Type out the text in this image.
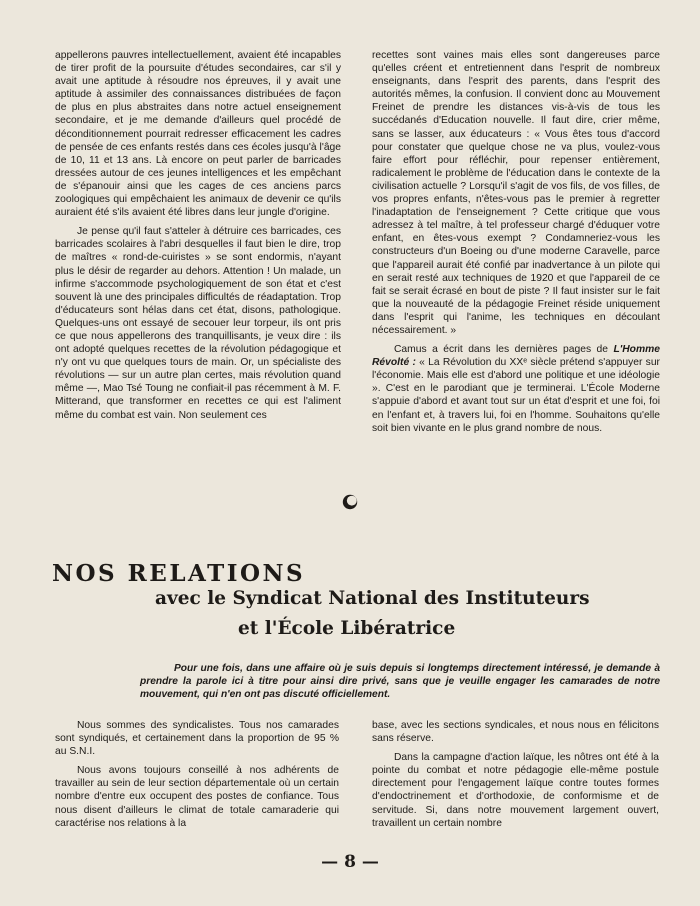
appellerons pauvres intellectuellement, avaient été incapables de tirer profit de la poursuite d'études secondaires, car s'il y avait une aptitude à résoudre nos épreuves, il y avait une aptitude à assimiler des connaissances distribuées de façon de plus en plus abstraites dans notre actuel enseignement secondaire, et je me demande d'ailleurs quel procédé de déconditionnement pourrait redresser efficacement les cadres de pensée de ces enfants restés dans ces écoles jusqu'à l'âge de 10, 11 et 13 ans. Là encore on peut parler de barricades dressées autour de ces jeunes intelligences et les empêchant de s'épanouir ainsi que les cages de ces anciens parcs zoologiques qui empêchaient les animaux de devenir ce qu'ils auraient été s'ils avaient été libres dans leur jungle d'origine.

Je pense qu'il faut s'atteler à détruire ces barricades, ces barricades scolaires à l'abri desquelles il faut bien le dire, trop de maîtres « rond-de-cuiristes » se sont endormis, n'ayant plus le désir de regarder au dehors. Attention ! Un malade, un infirme s'accommode psychologiquement de son état et c'est souvent là une des principales difficultés de réadaptation. Trop d'éducateurs sont hélas dans cet état, disons, pathologique. Quelques-uns ont essayé de secouer leur torpeur, ils ont pris ce que nous appellerons des tranquillisants, je veux dire : ils ont adopté quelques recettes de la révolution pédagogique et n'y ont vu que quelques tours de main. Or, un spécialiste des révolutions — sur un autre plan certes, mais révolution quand même —, Mao Tsé Toung ne confiait-il pas récemment à M. F. Mitterand, que transformer en recettes ce qui est l'aliment même du combat est vain. Non seulement ces

recettes sont vaines mais elles sont dangereuses parce qu'elles créent et entretiennent dans l'esprit de nombreux enseignants, dans l'esprit des parents, dans l'esprit des autorités mêmes, la confusion. Il convient donc au Mouvement Freinet de prendre les distances vis-à-vis de tous les succédanés d'Education nouvelle. Il faut dire, crier même, sans se lasser, aux éducateurs : « Vous êtes tous d'accord pour constater que quelque chose ne va plus, voulez-vous faire effort pour réfléchir, pour repenser entièrement, radicalement le problème de l'éducation dans le contexte de la civilisation actuelle ? Lorsqu'il s'agit de vos fils, de vos filles, de vos propres enfants, n'êtes-vous pas le premier à regretter l'inadaptation de l'enseignement ? Cette critique que vous adressez à tel maître, à tel professeur chargé d'éduquer votre enfant, en êtes-vous exempt ? Condamneriez-vous les constructeurs d'un Boeing ou d'une moderne Caravelle, parce que l'appareil aurait été confié par inadvertance à un pilote qui en serait resté aux techniques de 1920 et que l'appareil de ce fait se serait écrasé en bout de piste ? Il faut insister sur le fait que la nouveauté de la pédagogie Freinet réside uniquement dans l'esprit qui l'anime, les techniques en découlant nécessairement. »

Camus a écrit dans les dernières pages de L'Homme Révolté : « La Révolution du XXᵉ siècle prétend s'appuyer sur l'économie. Mais elle est d'abord une politique et une idéologie ». C'est en le parodiant que je terminerai. L'École Moderne s'appuie d'abord et avant tout sur un état d'esprit et une foi, foi en l'enfant et, à travers lui, foi en l'homme. Souhaitons qu'elle soit bien vivante en le plus grand nombre de nous.

NOS RELATIONS
avec le Syndicat National des Instituteurs
et l'École Libératrice

Pour une fois, dans une affaire où je suis depuis si longtemps directement intéressé, je demande à prendre la parole ici à titre pour ainsi dire privé, sans que je veuille engager les camarades de notre mouvement, qui n'en ont pas discuté officiellement.

Nous sommes des syndicalistes. Tous nos camarades sont syndiqués, et certainement dans la proportion de 95 % au S.N.I.

Nous avons toujours conseillé à nos adhérents de travailler au sein de leur section départementale où un certain nombre d'entre eux occupent des postes de confiance. Tous nous disent d'ailleurs le climat de totale camaraderie qui caractérise nos relations à la

base, avec les sections syndicales, et nous nous en félicitons sans réserve.

Dans la campagne d'action laïque, les nôtres ont été à la pointe du combat et notre pédagogie elle-même postule directement pour l'engagement laïque contre toutes formes d'endoctrinement et d'orthodoxie, de conformisme et de servitude. Si, dans notre mouvement largement ouvert, travaillent un certain nombre

— 8 —
